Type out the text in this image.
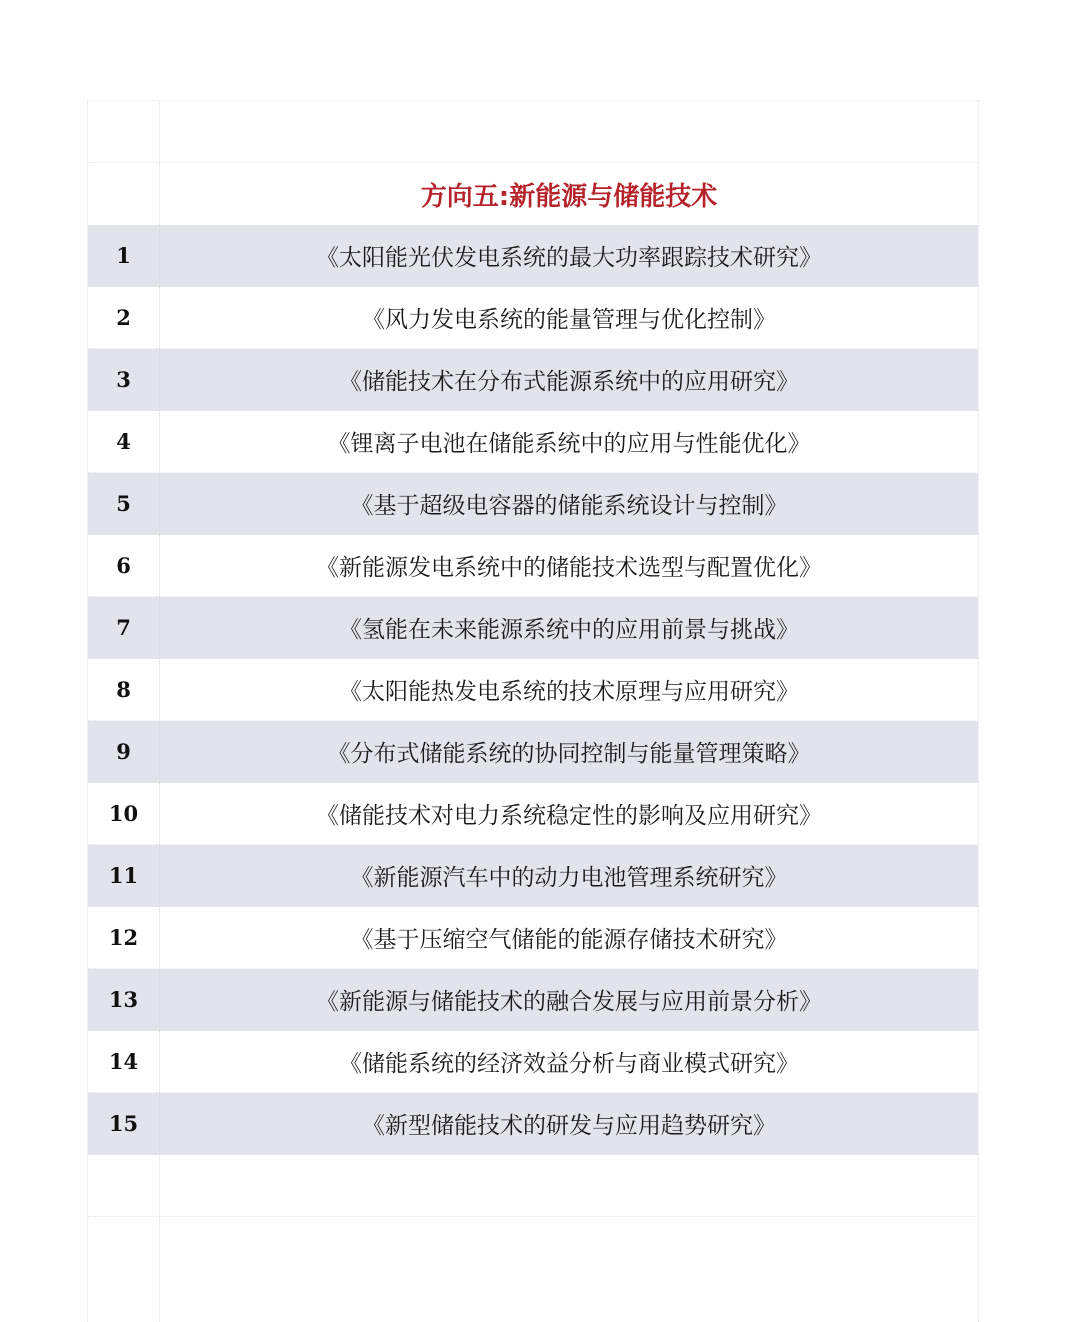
方向五:新能源与储能技术
1	《太阳能光伏发电系统的最大功率跟踪技术研究》
2	《风力发电系统的能量管理与优化控制》
3	《储能技术在分布式能源系统中的应用研究》
4	《锂离子电池在储能系统中的应用与性能优化》
5	《基于超级电容器的储能系统设计与控制》
6	《新能源发电系统中的储能技术选型与配置优化》
7	《氢能在未来能源系统中的应用前景与挑战》
8	《太阳能热发电系统的技术原理与应用研究》
9	《分布式储能系统的协同控制与能量管理策略》
10	《储能技术对电力系统稳定性的影响及应用研究》
11	《新能源汽车中的动力电池管理系统研究》
12	《基于压缩空气储能的能源存储技术研究》
13	《新能源与储能技术的融合发展与应用前景分析》
14	《储能系统的经济效益分析与商业模式研究》
15	《新型储能技术的研发与应用趋势研究》
